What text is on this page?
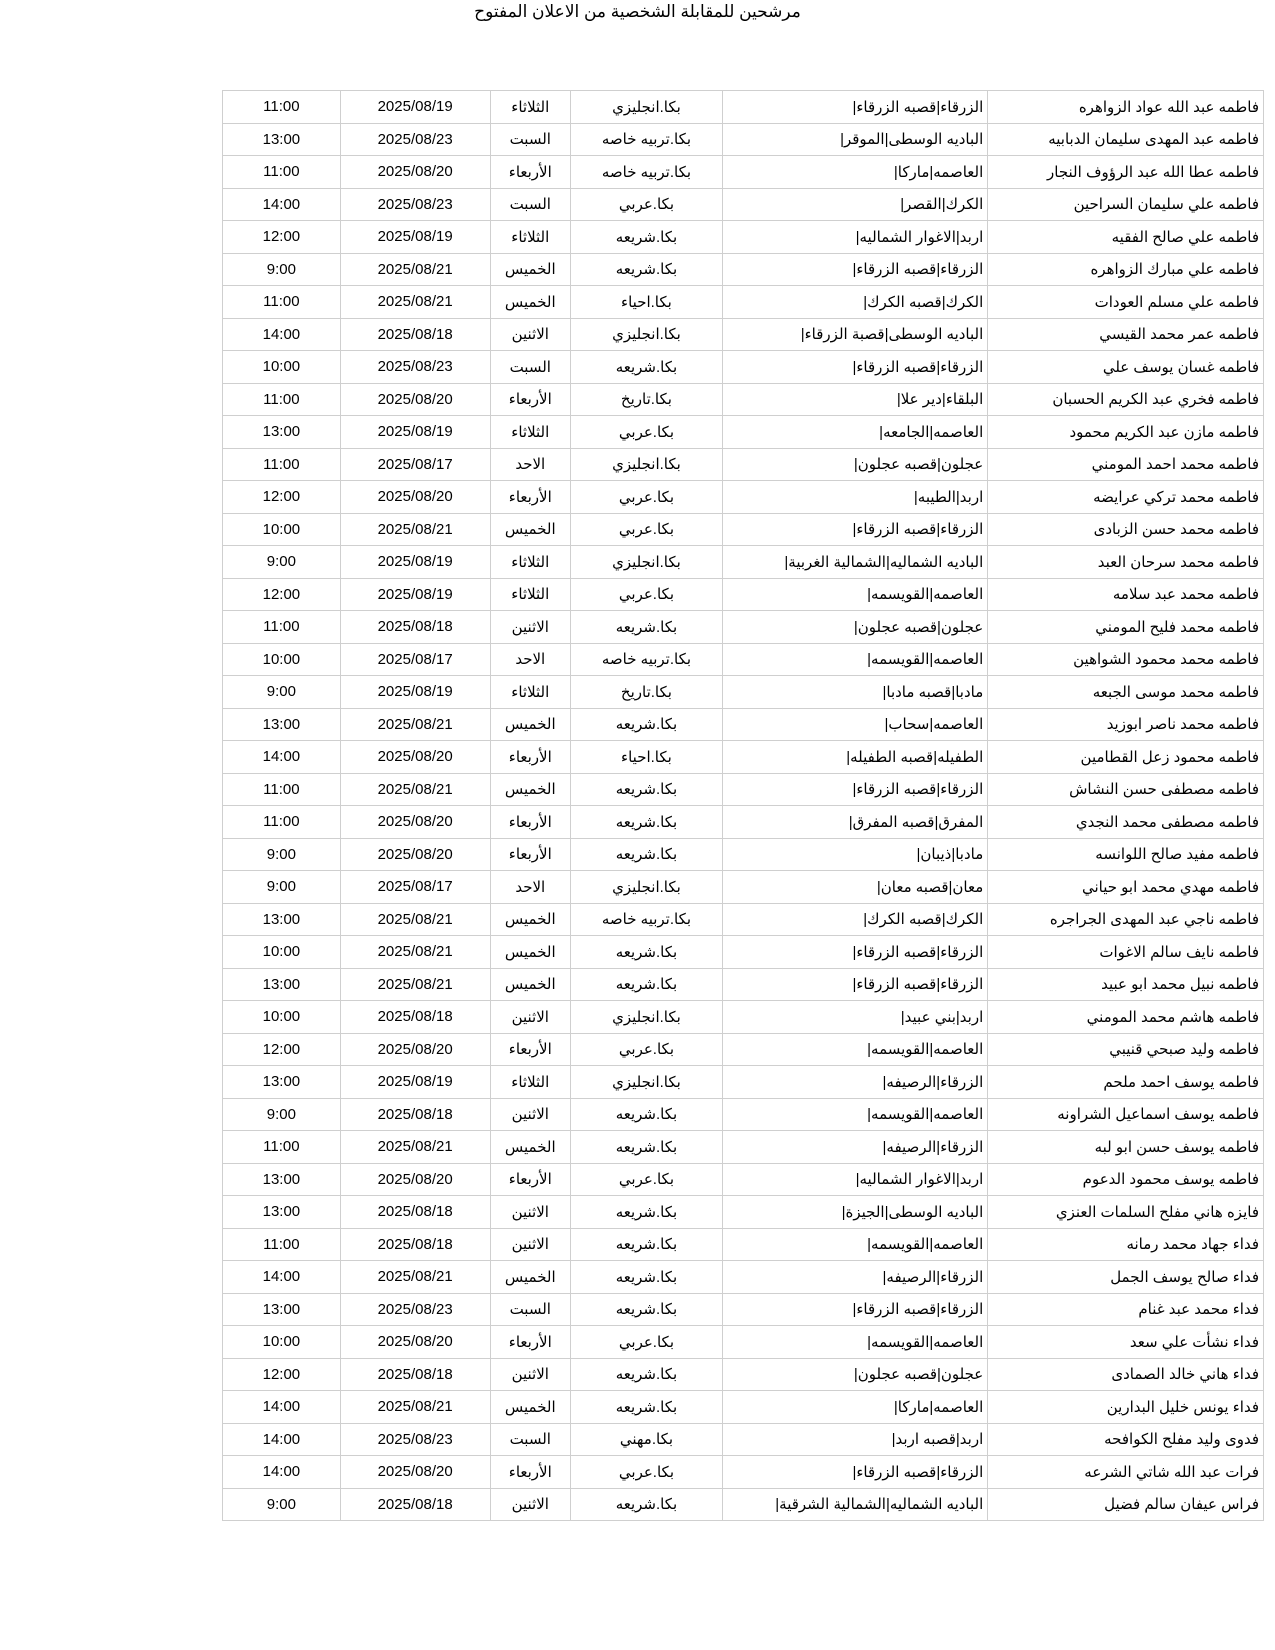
مرشحين للمقابلة الشخصية من الاعلان المفتوح
فاطمه عبد الله عواد الزواهره	الزرقاء|قصبه الزرقاء|	بكا.انجليزي	الثلاثاء	2025/08/19	11:00
فاطمه عبد المهدى سليمان الدبابيه	الباديه الوسطى|الموقر|	بكا.تربيه خاصه	السبت	2025/08/23	13:00
فاطمه عطا الله عبد الرؤوف النجار	العاصمه|ماركا|	بكا.تربيه خاصه	الأربعاء	2025/08/20	11:00
فاطمه علي سليمان السراحين	الكرك|القصر|	بكا.عربي	السبت	2025/08/23	14:00
فاطمه علي صالح الفقيه	اربد|الاغوار الشماليه|	بكا.شريعه	الثلاثاء	2025/08/19	12:00
فاطمه علي مبارك الزواهره	الزرقاء|قصبه الزرقاء|	بكا.شريعه	الخميس	2025/08/21	9:00
فاطمه علي مسلم العودات	الكرك|قصبه الكرك|	بكا.احياء	الخميس	2025/08/21	11:00
فاطمه عمر محمد القيسي	الباديه الوسطى|قصبة الزرقاء|	بكا.انجليزي	الاثنين	2025/08/18	14:00
فاطمه غسان يوسف علي	الزرقاء|قصبه الزرقاء|	بكا.شريعه	السبت	2025/08/23	10:00
فاطمه فخري عبد الكريم الحسبان	البلقاء|دير علا|	بكا.تاريخ	الأربعاء	2025/08/20	11:00
فاطمه مازن عبد الكريم محمود	العاصمه|الجامعه|	بكا.عربي	الثلاثاء	2025/08/19	13:00
فاطمه محمد احمد المومني	عجلون|قصبه عجلون|	بكا.انجليزي	الاحد	2025/08/17	11:00
فاطمه محمد تركي عرايضه	اربد|الطيبه|	بكا.عربي	الأربعاء	2025/08/20	12:00
فاطمه محمد حسن الزبادى	الزرقاء|قصبه الزرقاء|	بكا.عربي	الخميس	2025/08/21	10:00
فاطمه محمد سرحان العبد	الباديه الشماليه|الشمالية الغربية|	بكا.انجليزي	الثلاثاء	2025/08/19	9:00
فاطمه محمد عبد سلامه	العاصمه|القويسمه|	بكا.عربي	الثلاثاء	2025/08/19	12:00
فاطمه محمد فليح المومني	عجلون|قصبه عجلون|	بكا.شريعه	الاثنين	2025/08/18	11:00
فاطمه محمد محمود الشواهين	العاصمه|القويسمه|	بكا.تربيه خاصه	الاحد	2025/08/17	10:00
فاطمه محمد موسى الجبعه	مادبا|قصبه مادبا|	بكا.تاريخ	الثلاثاء	2025/08/19	9:00
فاطمه محمد ناصر ابوزيد	العاصمه|سحاب|	بكا.شريعه	الخميس	2025/08/21	13:00
فاطمه محمود زعل القطامين	الطفيله|قصبه الطفيله|	بكا.احياء	الأربعاء	2025/08/20	14:00
فاطمه مصطفى حسن النشاش	الزرقاء|قصبه الزرقاء|	بكا.شريعه	الخميس	2025/08/21	11:00
فاطمه مصطفى محمد النجدي	المفرق|قصبه المفرق|	بكا.شريعه	الأربعاء	2025/08/20	11:00
فاطمه مفيد صالح اللوانسه	مادبا|ذيبان|	بكا.شريعه	الأربعاء	2025/08/20	9:00
فاطمه مهدي محمد ابو حياني	معان|قصبه معان|	بكا.انجليزي	الاحد	2025/08/17	9:00
فاطمه ناجي عبد المهدى الجراجره	الكرك|قصبه الكرك|	بكا.تربيه خاصه	الخميس	2025/08/21	13:00
فاطمه نايف سالم الاغوات	الزرقاء|قصبه الزرقاء|	بكا.شريعه	الخميس	2025/08/21	10:00
فاطمه نبيل محمد ابو عبيد	الزرقاء|قصبه الزرقاء|	بكا.شريعه	الخميس	2025/08/21	13:00
فاطمه هاشم محمد المومني	اربد|بني عبيد|	بكا.انجليزي	الاثنين	2025/08/18	10:00
فاطمه وليد صبحي قنيبي	العاصمه|القويسمه|	بكا.عربي	الأربعاء	2025/08/20	12:00
فاطمه يوسف احمد ملحم	الزرقاء|الرصيفه|	بكا.انجليزي	الثلاثاء	2025/08/19	13:00
فاطمه يوسف اسماعيل الشراونه	العاصمه|القويسمه|	بكا.شريعه	الاثنين	2025/08/18	9:00
فاطمه يوسف حسن ابو لبه	الزرقاء|الرصيفه|	بكا.شريعه	الخميس	2025/08/21	11:00
فاطمه يوسف محمود الدعوم	اربد|الاغوار الشماليه|	بكا.عربي	الأربعاء	2025/08/20	13:00
فايزه هاني مفلح السلمات العنزي	الباديه الوسطى|الجيزة|	بكا.شريعه	الاثنين	2025/08/18	13:00
فداء جهاد محمد رمانه	العاصمه|القويسمه|	بكا.شريعه	الاثنين	2025/08/18	11:00
فداء صالح يوسف الجمل	الزرقاء|الرصيفه|	بكا.شريعه	الخميس	2025/08/21	14:00
فداء محمد عبد غنام	الزرقاء|قصبه الزرقاء|	بكا.شريعه	السبت	2025/08/23	13:00
فداء نشأت علي سعد	العاصمه|القويسمه|	بكا.عربي	الأربعاء	2025/08/20	10:00
فداء هاني خالد الصمادى	عجلون|قصبه عجلون|	بكا.شريعه	الاثنين	2025/08/18	12:00
فداء يونس خليل البدارين	العاصمه|ماركا|	بكا.شريعه	الخميس	2025/08/21	14:00
فدوى وليد مفلح الكوافحه	اربد|قصبه اربد|	بكا.مهني	السبت	2025/08/23	14:00
فرات عبد الله شاتي الشرعه	الزرقاء|قصبه الزرقاء|	بكا.عربي	الأربعاء	2025/08/20	14:00
فراس عيفان سالم فضيل	الباديه الشماليه|الشمالية الشرقية|	بكا.شريعه	الاثنين	2025/08/18	9:00
